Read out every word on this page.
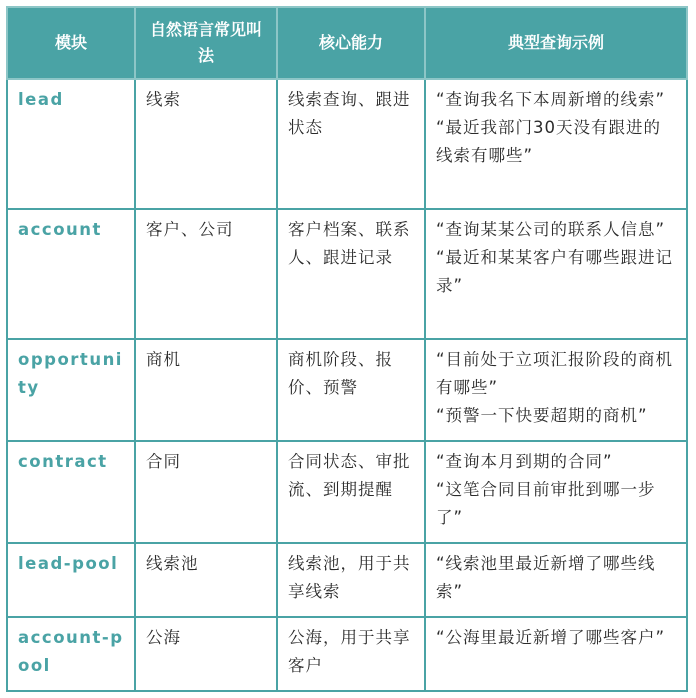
模块	自然语言常见叫法	核心能力	典型查询示例
lead	线索	线索查询、跟进状态	“查询我名下本周新增的线索”
“最近我部门30天没有跟进的线索有哪些”

account	客户、公司	客户档案、联系人、跟进记录	“查询某某公司的联系人信息”
“最近和某某客户有哪些跟进记录”

opportunity	商机	商机阶段、报价、预警	“目前处于立项汇报阶段的商机有哪些”
“预警一下快要超期的商机”

contract	合同	合同状态、审批流、到期提醒	“查询本月到期的合同”
“这笔合同目前审批到哪一步了”

lead-pool	线索池	线索池，用于共享线索	“线索池里最近新增了哪些线索”

account-pool	公海	公海，用于共享客户	“公海里最近新增了哪些客户”
